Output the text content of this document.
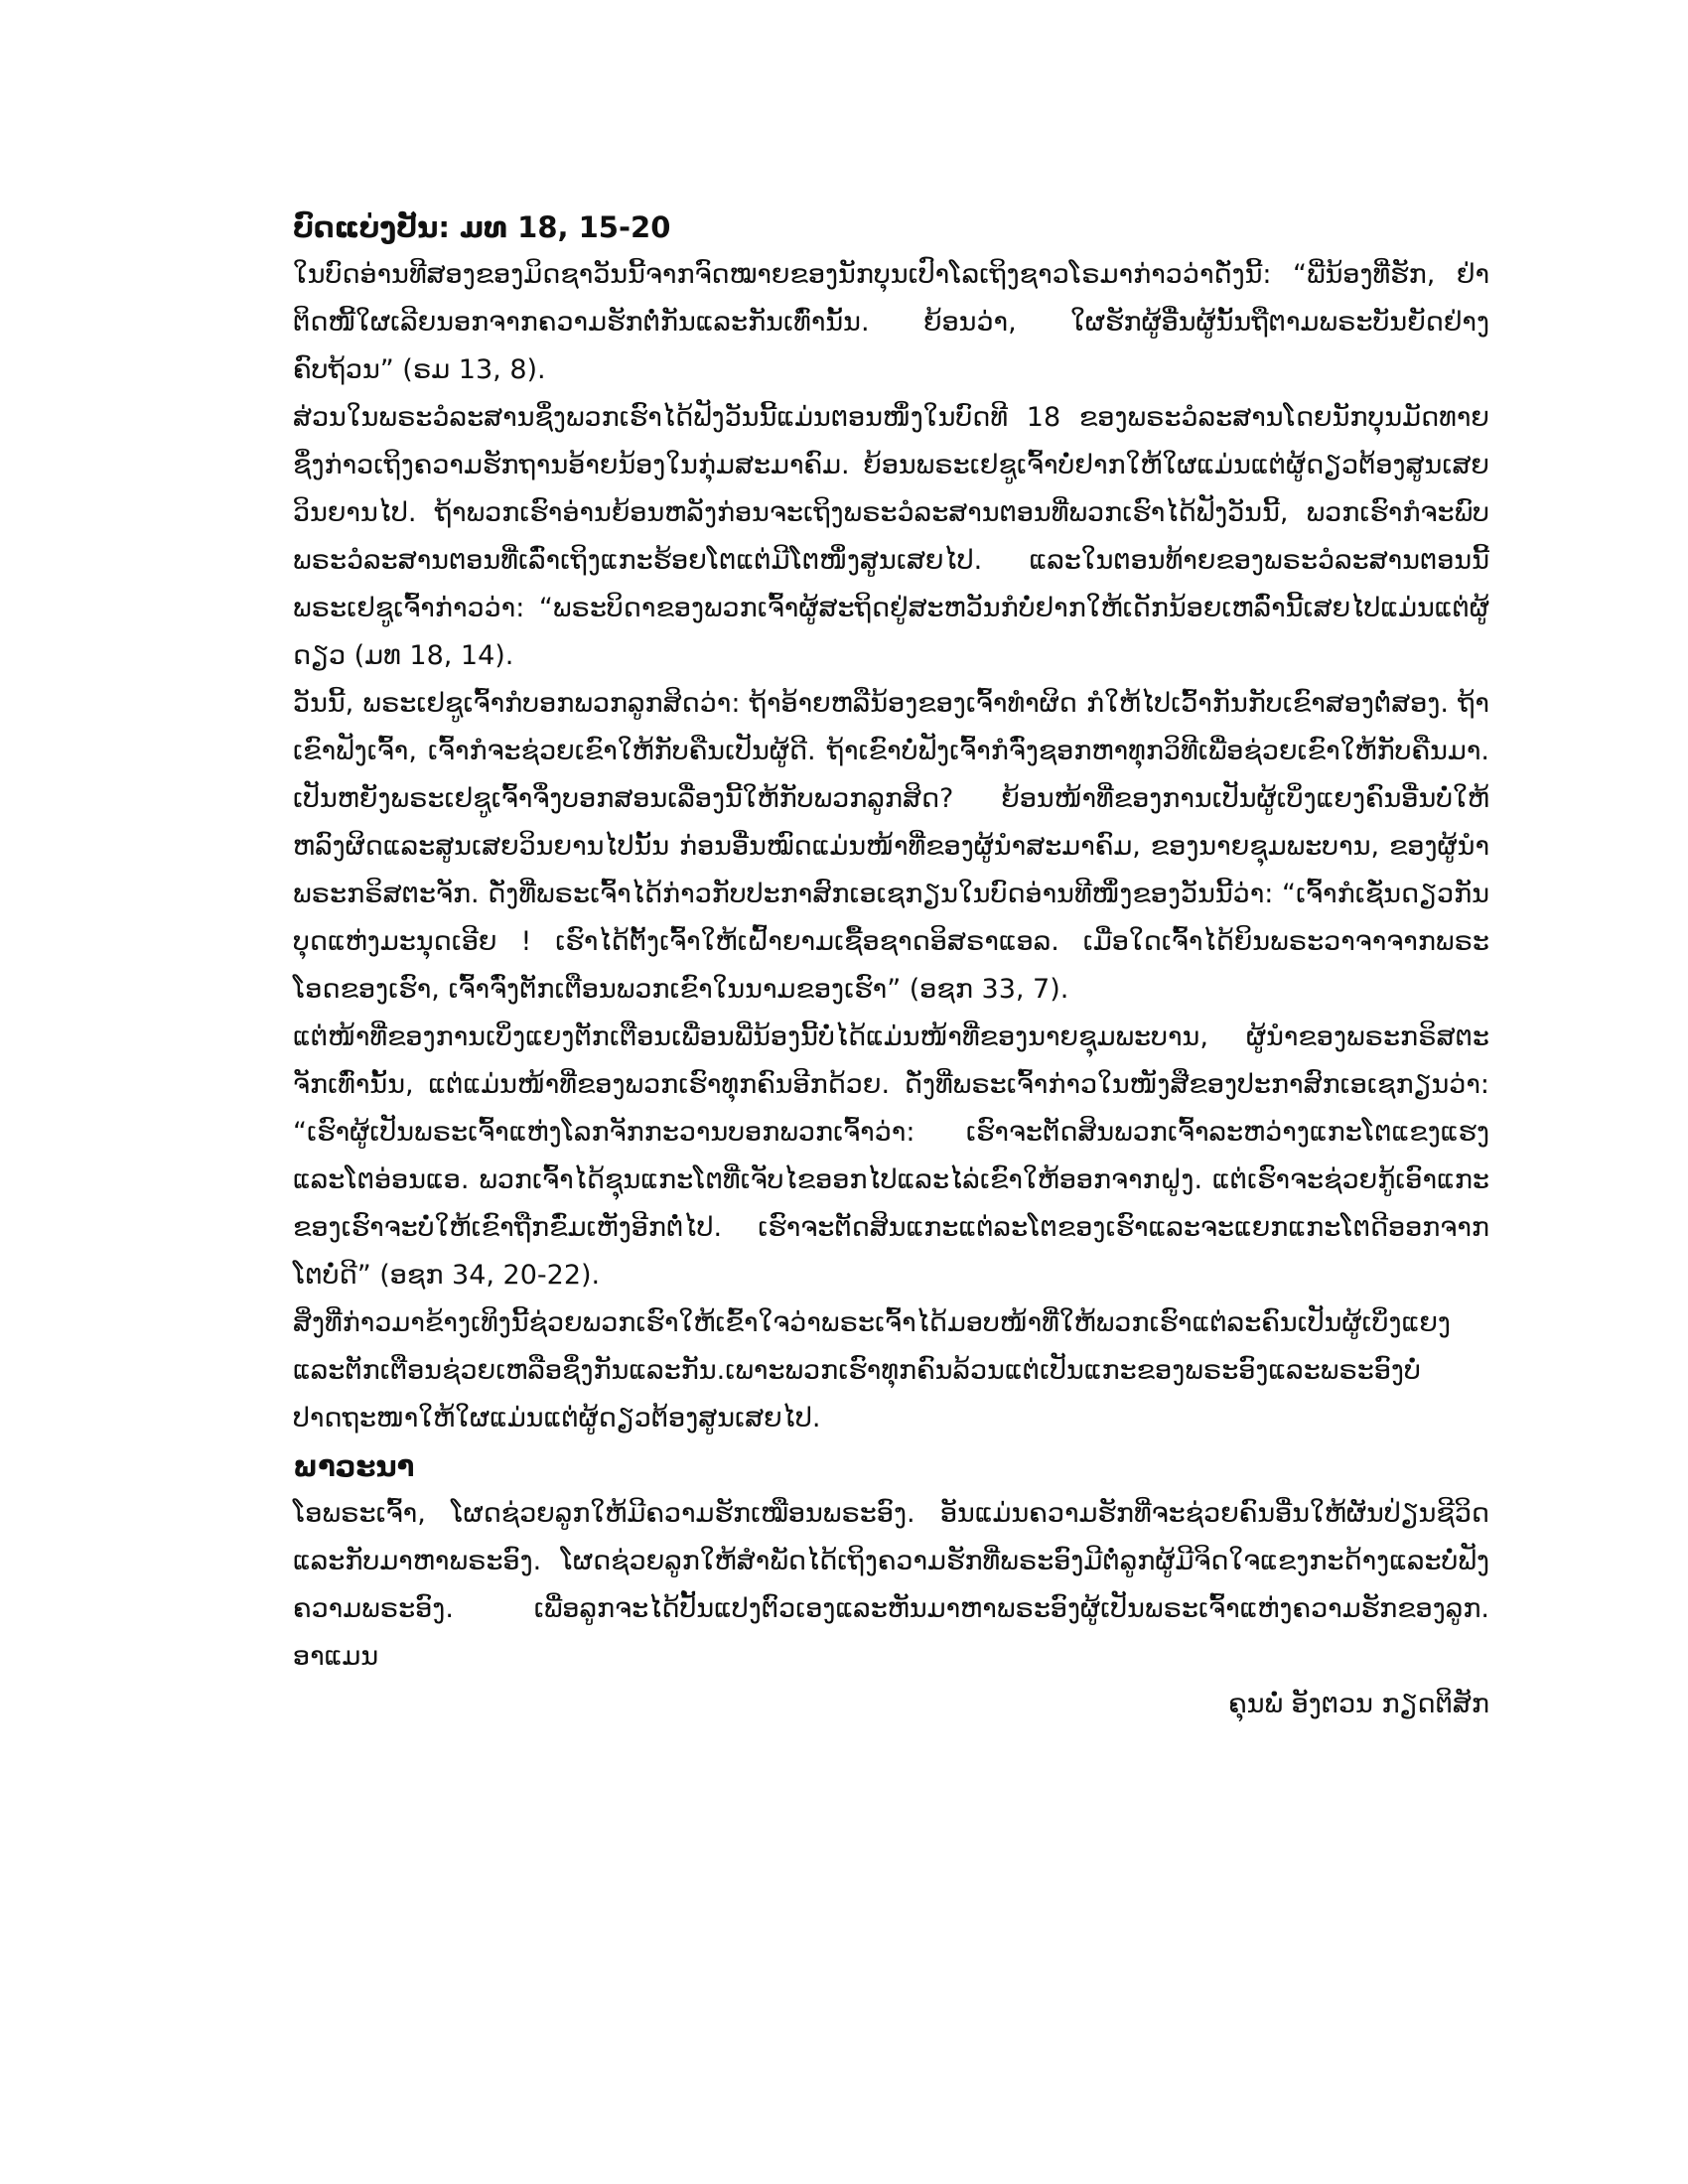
ບົດແບ່ງປັນ: ມທ 18, 15-20

ໃນບົດອ່ານທີສອງຂອງມິດຊາວັນນີ້ຈາກຈົດໝາຍຂອງນັກບຸນເປົາໂລເຖິງຊາວໂຣມາກ່າວວ່າດັ່ງນີ້: “ພີ່ນ້ອງທີ່ຮັກ, ຢ່າຕິດໜີ້ໃຜເລີຍນອກຈາກຄວາມຮັກຕໍ່ກັນແລະກັນເທົ່ານັ້ນ. ຍ້ອນວ່າ, ໃຜຮັກຜູ້ອື່ນຜູ້ນັ້ນຖືຕາມພຣະບັນຍັດຢ່າງຄົບຖ້ວນ” (ຣມ 13, 8).

ສ່ວນໃນພຣະວໍລະສານຊຶ່ງພວກເຮົາໄດ້ຟັງວັນນີ້ແມ່ນຕອນໜຶ່ງໃນບົດທີ 18 ຂອງພຣະວໍລະສານໂດຍນັກບຸນມັດທາຍຊຶ່ງກ່າວເຖິງຄວາມຮັກຖານອ້າຍນ້ອງໃນກຸ່ມສະມາຄົມ. ຍ້ອນພຣະເຢຊູເຈົ້າບໍ່ຢາກໃຫ້ໃຜແມ່ນແຕ່ຜູ້ດຽວຕ້ອງສູນເສຍວິນຍານໄປ. ຖ້າພວກເຮົາອ່ານຍ້ອນຫລັງກ່ອນຈະເຖິງພຣະວໍລະສານຕອນທີ່ພວກເຮົາໄດ້ຟັງວັນນີ້, ພວກເຮົາກໍຈະພົບພຣະວໍລະສານຕອນທີ່ເລົ່າເຖິງແກະຮ້ອຍໂຕແຕ່ມີໂຕໜຶ່ງສູນເສຍໄປ. ແລະໃນຕອນທ້າຍຂອງພຣະວໍລະສານຕອນນີ້ພຣະເຢຊູເຈົ້າກ່າວວ່າ: “ພຣະບິດາຂອງພວກເຈົ້າຜູ້ສະຖິດຢູ່ສະຫວັນກໍບໍ່ຢາກໃຫ້ເດັກນ້ອຍເຫລົ່ານີ້ເສຍໄປແມ່ນແຕ່ຜູ້ດຽວ (ມທ 18, 14).

ວັນນີ້, ພຣະເຢຊູເຈົ້າກໍບອກພວກລູກສິດວ່າ: ຖ້າອ້າຍຫລືນ້ອງຂອງເຈົ້າທຳຜິດ ກໍໃຫ້ໄປເວົ້າກັນກັບເຂົາສອງຕໍ່ສອງ. ຖ້າເຂົາຟັງເຈົ້າ, ເຈົ້າກໍຈະຊ່ວຍເຂົາໃຫ້ກັບຄືນເປັນຜູ້ດີ. ຖ້າເຂົາບໍ່ຟັງເຈົ້າກໍຈົ່ງຊອກຫາທຸກວິທີເພື່ອຊ່ວຍເຂົາໃຫ້ກັບຄືນມາ. ເປັນຫຍັງພຣະເຢຊູເຈົ້າຈຶ່ງບອກສອນເລື່ອງນີ້ໃຫ້ກັບພວກລູກສິດ? ຍ້ອນໜ້າທີ່ຂອງການເປັນຜູ້ເບິ່ງແຍງຄົນອື່ນບໍ່ໃຫ້ຫລົງຜິດແລະສູນເສຍວິນຍານໄປນັ້ນ ກ່ອນອື່ນໝົດແມ່ນໜ້າທີ່ຂອງຜູ້ນຳສະມາຄົມ, ຂອງນາຍຊຸມພະບານ, ຂອງຜູ້ນຳພຣະກຣິສຕະຈັກ. ດັ່ງທີ່ພຣະເຈົ້າໄດ້ກ່າວກັບປະກາສົກເອເຊກຽນໃນບົດອ່ານທີໜຶ່ງຂອງວັນນີ້ວ່າ: “ເຈົ້າກໍເຊັ່ນດຽວກັນ ບຸດແຫ່ງມະນຸດເອີຍ ! ເຮົາໄດ້ຕັ້ງເຈົ້າໃຫ້ເຝົ້າຍາມເຊື້ອຊາດອິສຣາແອລ. ເມື່ອໃດເຈົ້າໄດ້ຍິນພຣະວາຈາຈາກພຣະໂອດຂອງເຮົາ, ເຈົ້າຈົ່ງຕັກເຕືອນພວກເຂົາໃນນາມຂອງເຮົາ” (ອຊກ 33, 7).

ແຕ່ໜ້າທີ່ຂອງການເບິ່ງແຍງຕັກເຕືອນເພື່ອນພີ່ນ້ອງນີ້ບໍ່ໄດ້ແມ່ນໜ້າທີ່ຂອງນາຍຊຸມພະບານ, ຜູ້ນຳຂອງພຣະກຣິສຕະຈັກເທົ່ານັ້ນ, ແຕ່ແມ່ນໜ້າທີ່ຂອງພວກເຮົາທຸກຄົນອີກດ້ວຍ. ດັ່ງທີ່ພຣະເຈົ້າກ່າວໃນໜັງສືຂອງປະກາສົກເອເຊກຽນວ່າ: “ເຮົາຜູ້ເປັນພຣະເຈົ້າແຫ່ງໂລກຈັກກະວານບອກພວກເຈົ້າວ່າ: ເຮົາຈະຕັດສິນພວກເຈົ້າລະຫວ່າງແກະໂຕແຂງແຮງແລະໂຕອ່ອນແອ. ພວກເຈົ້າໄດ້ຊຸນແກະໂຕທີ່ເຈັບໄຂອອກໄປແລະໄລ່ເຂົາໃຫ້ອອກຈາກຝູງ. ແຕ່ເຮົາຈະຊ່ວຍກູ້ເອົາແກະຂອງເຮົາຈະບໍ່ໃຫ້ເຂົາຖືກຂົ່ມເຫັງອີກຕໍ່ໄປ. ເຮົາຈະຕັດສິນແກະແຕ່ລະໂຕຂອງເຮົາແລະຈະແຍກແກະໂຕດີອອກຈາກໂຕບໍ່ດີ” (ອຊກ 34, 20-22).

ສິ່ງທີ່ກ່າວມາຂ້າງເທິງນີ້ຊ່ວຍພວກເຮົາໃຫ້ເຂົ້າໃຈວ່າພຣະເຈົ້າໄດ້ມອບໜ້າທີ່ໃຫ້ພວກເຮົາແຕ່ລະຄົນເປັນຜູ້ເບິ່ງແຍງແລະຕັກເຕືອນຊ່ວຍເຫລືອຊຶ່ງກັນແລະກັນ.ເພາະພວກເຮົາທຸກຄົນລ້ວນແຕ່ເປັນແກະຂອງພຣະອົງແລະພຣະອົງບໍ່ປາດຖະໜາໃຫ້ໃຜແມ່ນແຕ່ຜູ້ດຽວຕ້ອງສູນເສຍໄປ.

ພາວະນາ

ໂອພຣະເຈົ້າ, ໂຜດຊ່ວຍລູກໃຫ້ມີຄວາມຮັກເໝືອນພຣະອົງ. ອັນແມ່ນຄວາມຮັກທີ່ຈະຊ່ວຍຄົນອື່ນໃຫ້ຜັນປ່ຽນຊີວິດແລະກັບມາຫາພຣະອົງ. ໂຜດຊ່ວຍລູກໃຫ້ສຳພັດໄດ້ເຖິງຄວາມຮັກທີ່ພຣະອົງມີຕໍ່ລູກຜູ້ມີຈິດໃຈແຂງກະດ້າງແລະບໍ່ຟັງຄວາມພຣະອົງ. ເພື່ອລູກຈະໄດ້ປັ້ນແປງຕົວເອງແລະຫັນມາຫາພຣະອົງຜູ້ເປັນພຣະເຈົ້າແຫ່ງຄວາມຮັກຂອງລູກ. ອາແມນ

ຄຸນພໍ່ ອັງຕວນ ກຽດຕິສັກ
